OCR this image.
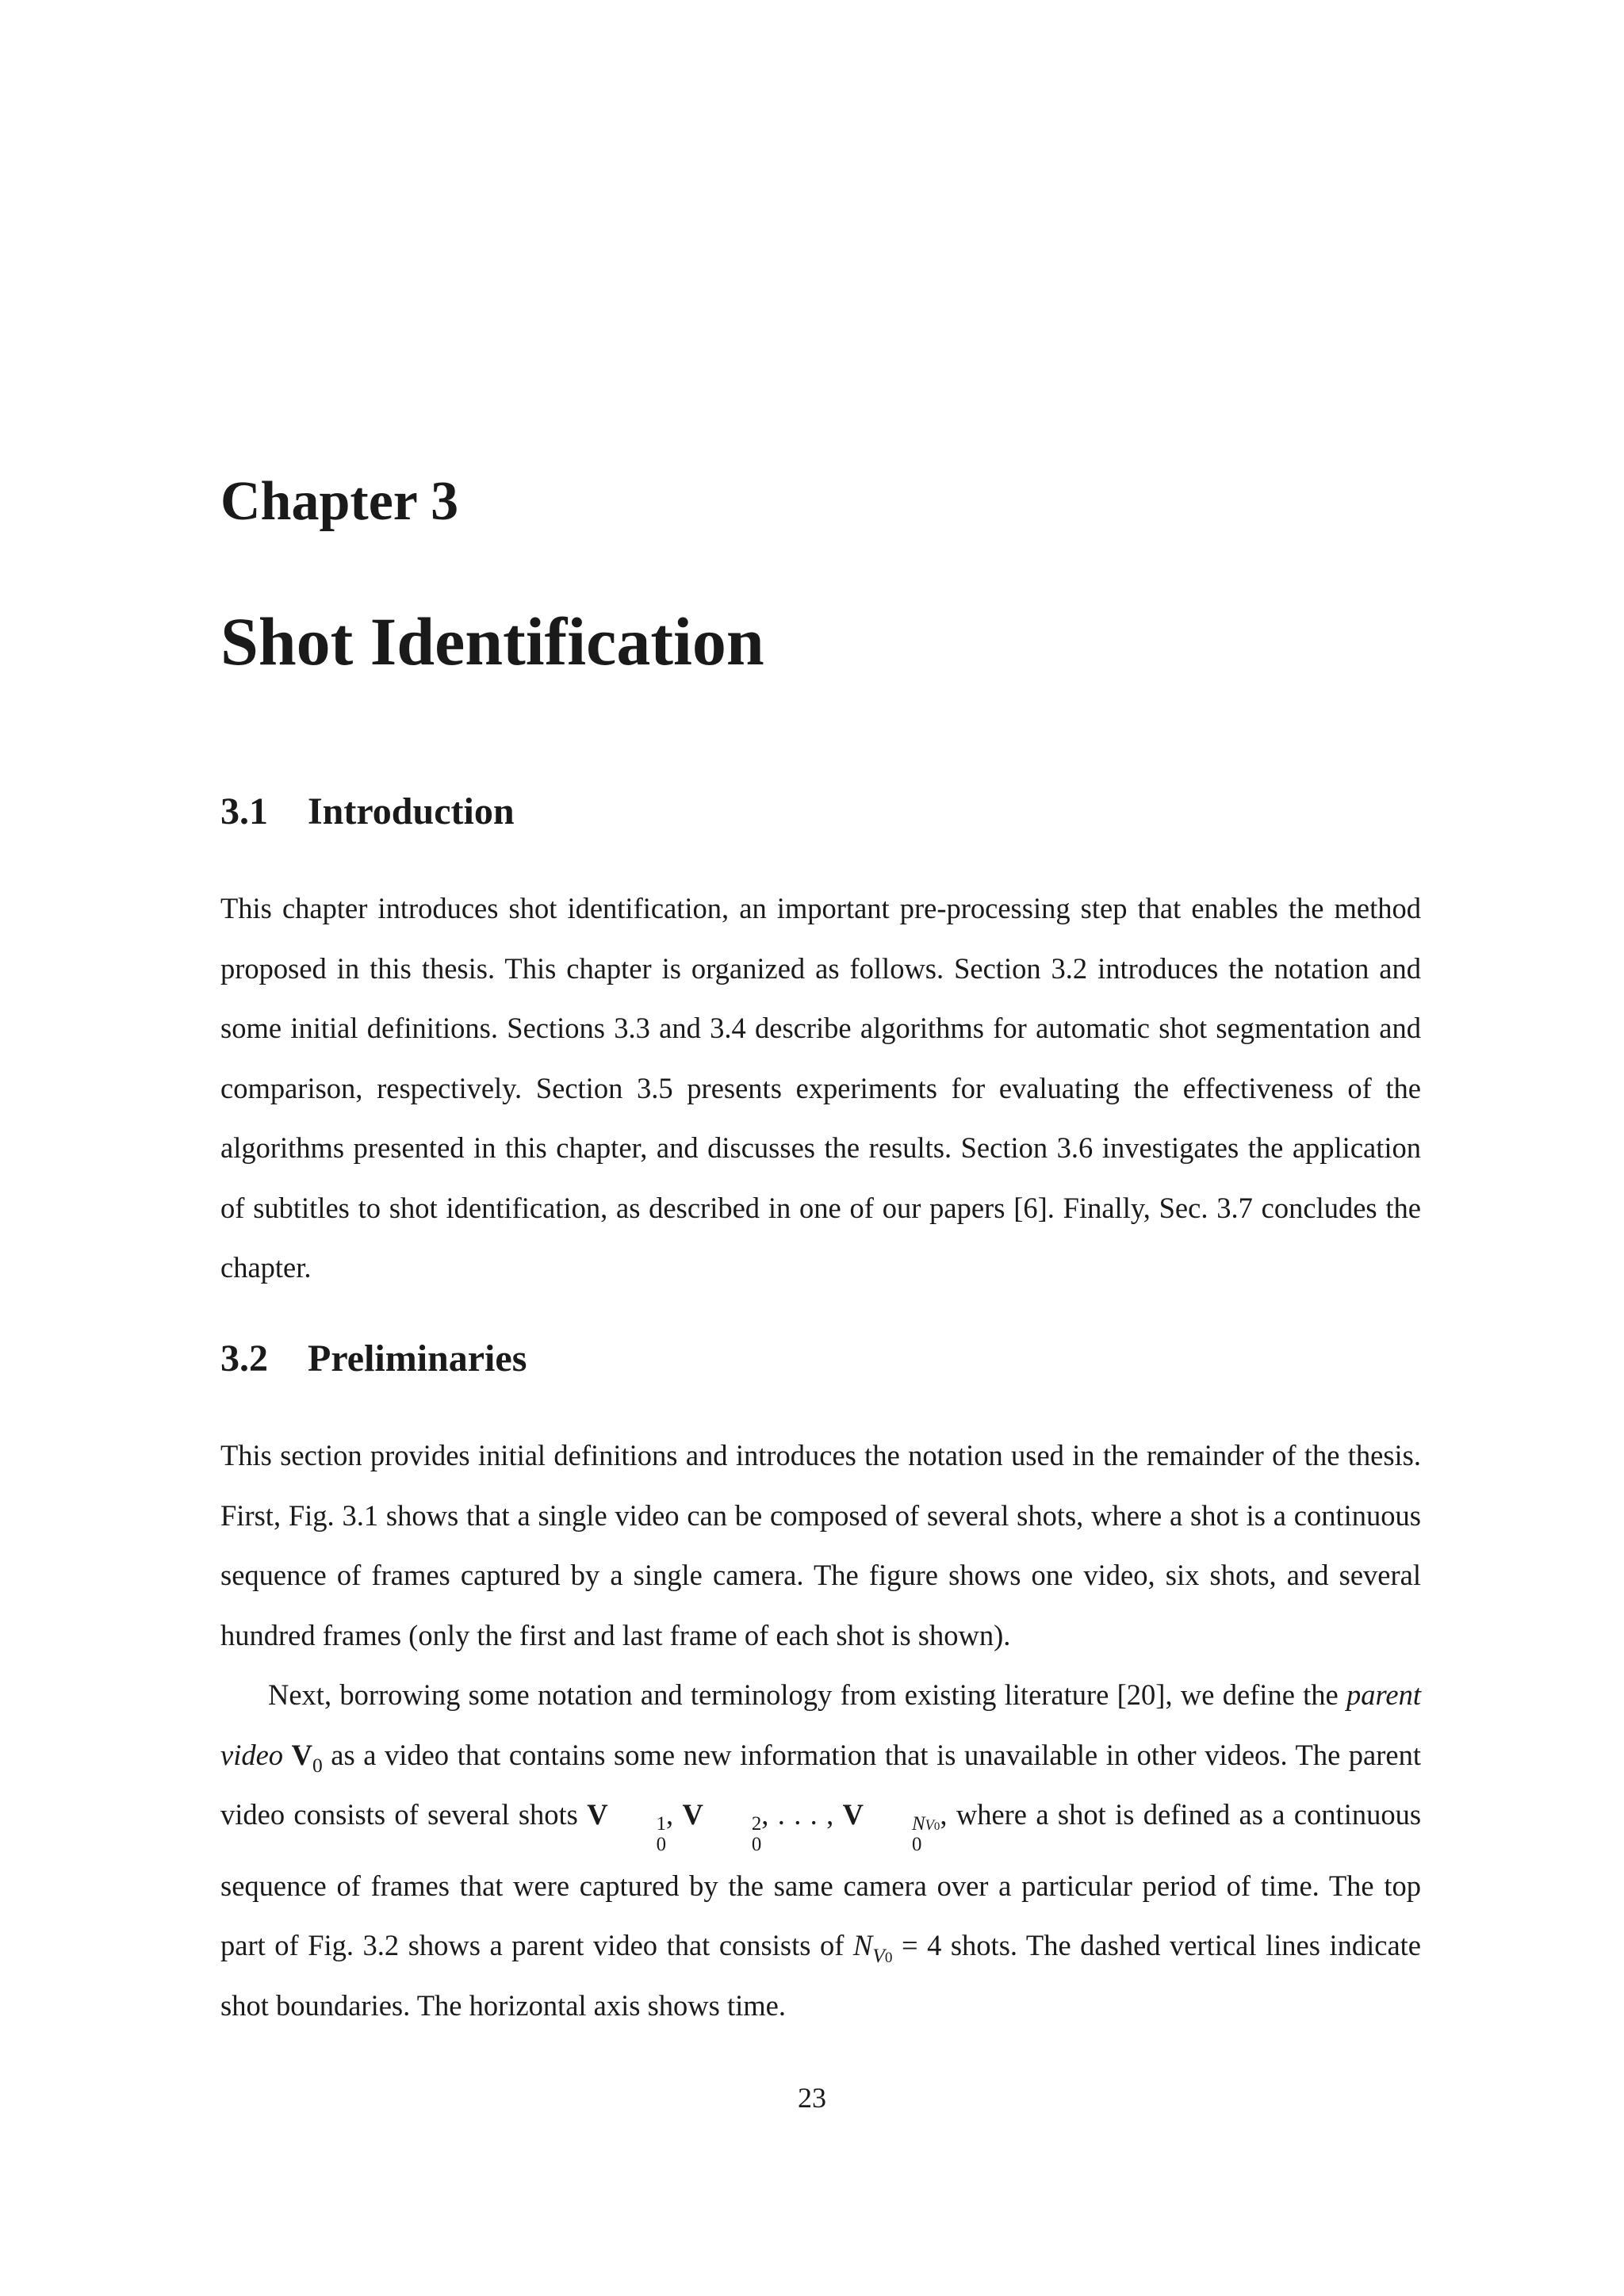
Chapter 3
Shot Identification
3.1 Introduction

This chapter introduces shot identification, an important pre-processing step that enables the method proposed in this thesis. This chapter is organized as follows. Section 3.2 introduces the notation and some initial definitions. Sections 3.3 and 3.4 describe algorithms for automatic shot segmentation and comparison, respectively. Section 3.5 presents experiments for evaluating the effectiveness of the algorithms presented in this chapter, and discusses the results. Section 3.6 investigates the application of subtitles to shot identification, as described in one of our papers [6]. Finally, Sec. 3.7 concludes the chapter.

3.2 Preliminaries

This section provides initial definitions and introduces the notation used in the remainder of the thesis. First, Fig. 3.1 shows that a single video can be composed of several shots, where a shot is a continuous sequence of frames captured by a single camera. The figure shows one video, six shots, and several hundred frames (only the first and last frame of each shot is shown).

Next, borrowing some notation and terminology from existing literature [20], we define the parent video $V_0$ as a video that contains some new information that is unavailable in other videos. The parent video consists of several shots V	1
0
, V	2
0
, . . . , V	NV0
0
, where a shot is defined as a continuous sequence of frames that were captured by the same camera over a particular period of time. The top part of Fig. 3.2 shows a parent video that consists of $N_{V0} = 4$ shots. The dashed vertical lines indicate shot boundaries. The horizontal axis shows time.

23
